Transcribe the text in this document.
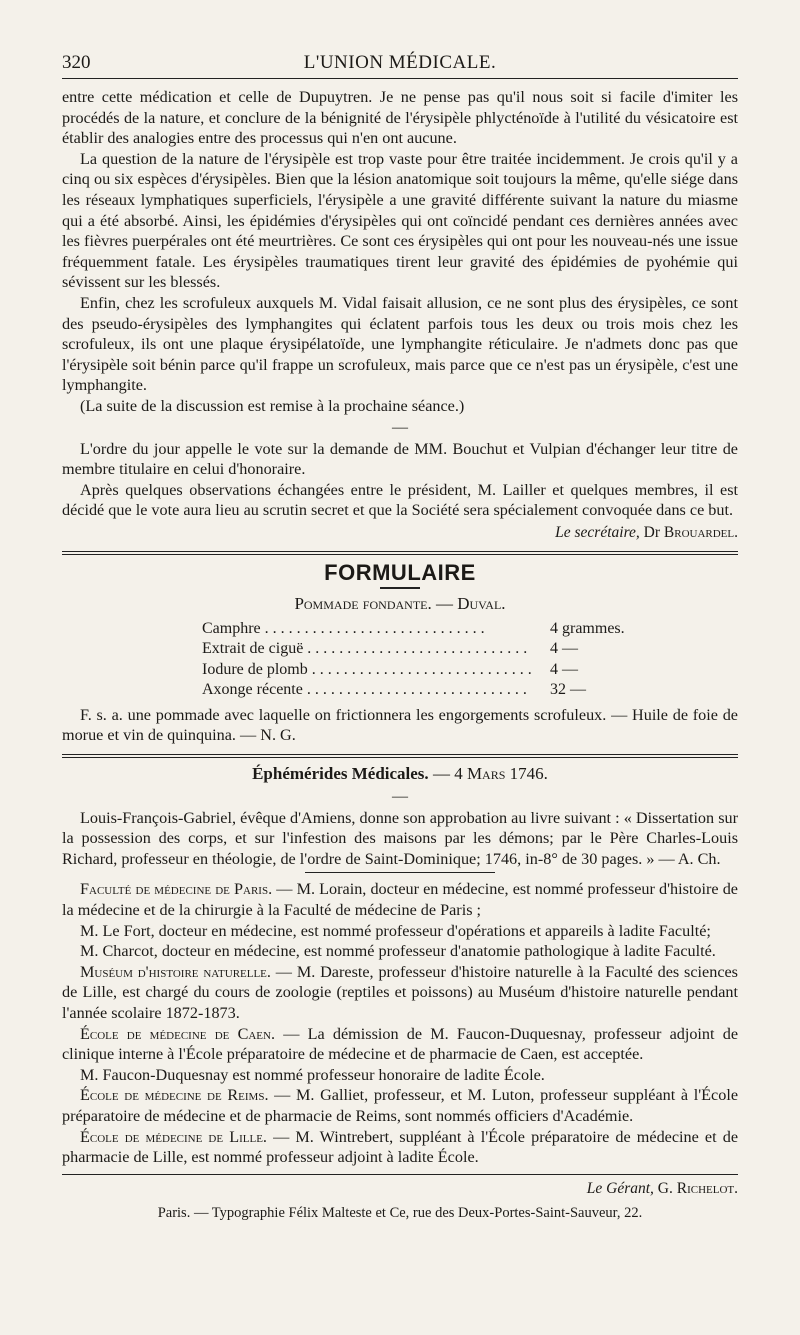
320	L'UNION MÉDICALE.

entre cette médication et celle de Dupuytren. Je ne pense pas qu'il nous soit si facile d'imiter les procédés de la nature, et conclure de la bénignité de l'érysipèle phlycténoïde à l'utilité du vésicatoire est établir des analogies entre des processus qui n'en ont aucune.

La question de la nature de l'érysipèle est trop vaste pour être traitée incidemment. Je crois qu'il y a cinq ou six espèces d'érysipèles. Bien que la lésion anatomique soit toujours la même, qu'elle siége dans les réseaux lymphatiques superficiels, l'érysipèle a une gravité différente suivant la nature du miasme qui a été absorbé. Ainsi, les épidémies d'érysipèles qui ont coïncidé pendant ces dernières années avec les fièvres puerpérales ont été meurtrières. Ce sont ces érysipèles qui ont pour les nouveau-nés une issue fréquemment fatale. Les érysipèles traumatiques tirent leur gravité des épidémies de pyohémie qui sévissent sur les blessés.

Enfin, chez les scrofuleux auxquels M. Vidal faisait allusion, ce ne sont plus des érysipèles, ce sont des pseudo-érysipèles des lymphangites qui éclatent parfois tous les deux ou trois mois chez les scrofuleux, ils ont une plaque érysipélatoïde, une lymphangite réticulaire. Je n'admets donc pas que l'érysipèle soit bénin parce qu'il frappe un scrofuleux, mais parce que ce n'est pas un érysipèle, c'est une lymphangite.

(La suite de la discussion est remise à la prochaine séance.)

—

L'ordre du jour appelle le vote sur la demande de MM. Bouchut et Vulpian d'échanger leur titre de membre titulaire en celui d'honoraire.

Après quelques observations échangées entre le président, M. Lailler et quelques membres, il est décidé que le vote aura lieu au scrutin secret et que la Société sera spécialement convoquée dans ce but.

Le secrétaire, Dr Brouardel.
FORMULAIRE
Pommade fondante. — Duval.
Camphre . . . . . . . . . . . . . . . . . . . . . . . . . . . .	4 grammes.
Extrait de ciguë . . . . . . . . . . . . . . . . . . . . . . . . . . . .	4 —
Iodure de plomb . . . . . . . . . . . . . . . . . . . . . . . . . . . .	4 —
Axonge récente . . . . . . . . . . . . . . . . . . . . . . . . . . . .	32 —

F. s. a. une pommade avec laquelle on frictionnera les engorgements scrofuleux. — Huile de foie de morue et vin de quinquina. — N. G.

Éphémérides Médicales. — 4 Mars 1746.
—

Louis-François-Gabriel, évêque d'Amiens, donne son approbation au livre suivant : « Dissertation sur la possession des corps, et sur l'infestion des maisons par les démons; par le Père Charles-Louis Richard, professeur en théologie, de l'ordre de Saint-Dominique; 1746, in-8° de 30 pages. » — A. Ch.

Faculté de médecine de Paris. — M. Lorain, docteur en médecine, est nommé professeur d'histoire de la médecine et de la chirurgie à la Faculté de médecine de Paris ;

M. Le Fort, docteur en médecine, est nommé professeur d'opérations et appareils à ladite Faculté;

M. Charcot, docteur en médecine, est nommé professeur d'anatomie pathologique à ladite Faculté.

Muséum d'histoire naturelle. — M. Dareste, professeur d'histoire naturelle à la Faculté des sciences de Lille, est chargé du cours de zoologie (reptiles et poissons) au Muséum d'histoire naturelle pendant l'année scolaire 1872-1873.

École de médecine de Caen. — La démission de M. Faucon-Duquesnay, professeur adjoint de clinique interne à l'École préparatoire de médecine et de pharmacie de Caen, est acceptée.

M. Faucon-Duquesnay est nommé professeur honoraire de ladite École.

École de médecine de Reims. — M. Galliet, professeur, et M. Luton, professeur suppléant à l'École préparatoire de médecine et de pharmacie de Reims, sont nommés officiers d'Académie.

École de médecine de Lille. — M. Wintrebert, suppléant à l'École préparatoire de médecine et de pharmacie de Lille, est nommé professeur adjoint à ladite École.

Le Gérant, G. Richelot.
Paris. — Typographie Félix Malteste et Ce, rue des Deux-Portes-Saint-Sauveur, 22.
